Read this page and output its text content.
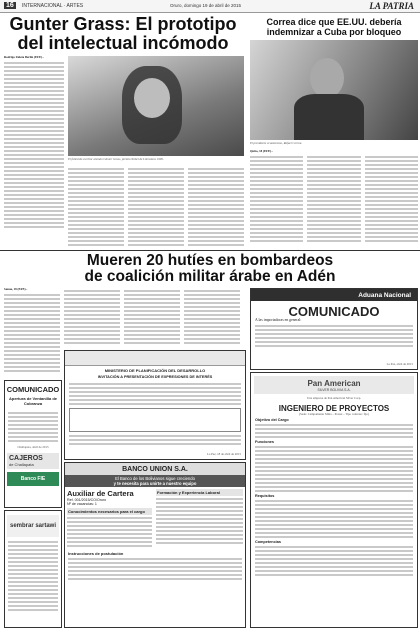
16	INTERNACIONAL · ARTES	Oruro, domingo 19 de abril de 2015	LA PATRIA
Gunter Grass: El prototipo
del intelectual incómodo

Rodrigo Zuleta Berlín (EFE).-

El fallecido escritor alemán Günter Grass, premio Nobel de Literatura 1999.
Correa dice que EE.UU. debería
indemnizar a Cuba por bloqueo
El presidente ecuatoriano, Rafael Correa.
Quito, 18 (EFE).-
Mueren 20 hutíes en bombardeos
de coalición militar árabe en Adén
Sanaa, 18 (EFE).-
MINISTERIO DE PLANIFICACIÓN DEL DESARROLLO
INVITACIÓN A PRESENTACIÓN DE EXPRESIONES DE INTERÉS
La Paz, 18 de abril de 2015
COMUNICADO
Apertura de Ventanilla de Cobranza
Challapata, abril de 2015
CAJEROS
de Challapata
Banco FIE
sembrar sartawi
BANCO UNION S.A.
El Banco de los Bolivianos sigue creciendo
y te necesita para unirte a nuestro equipo
Auxiliar de Cartera
Ref. 001/2015/CO/Oruro
Nº de vacancias: 1
Conocimientos necesarios para el cargo
Formación y Experiencia Laboral
Instrucciones de postulación
Aduana Nacional
COMUNICADO
A las importadoras en general:
La Paz, abril de 2015
Pan American
SILVER BOLIVIA S.A.
Una empresa de Pan American Silver Corp.
INGENIERO DE PROYECTOS
(Sede: Campamento Mina – Potosí – Tipo contrato: fijo)
Objetivo del Cargo
Funciones
Requisitos
Competencias
